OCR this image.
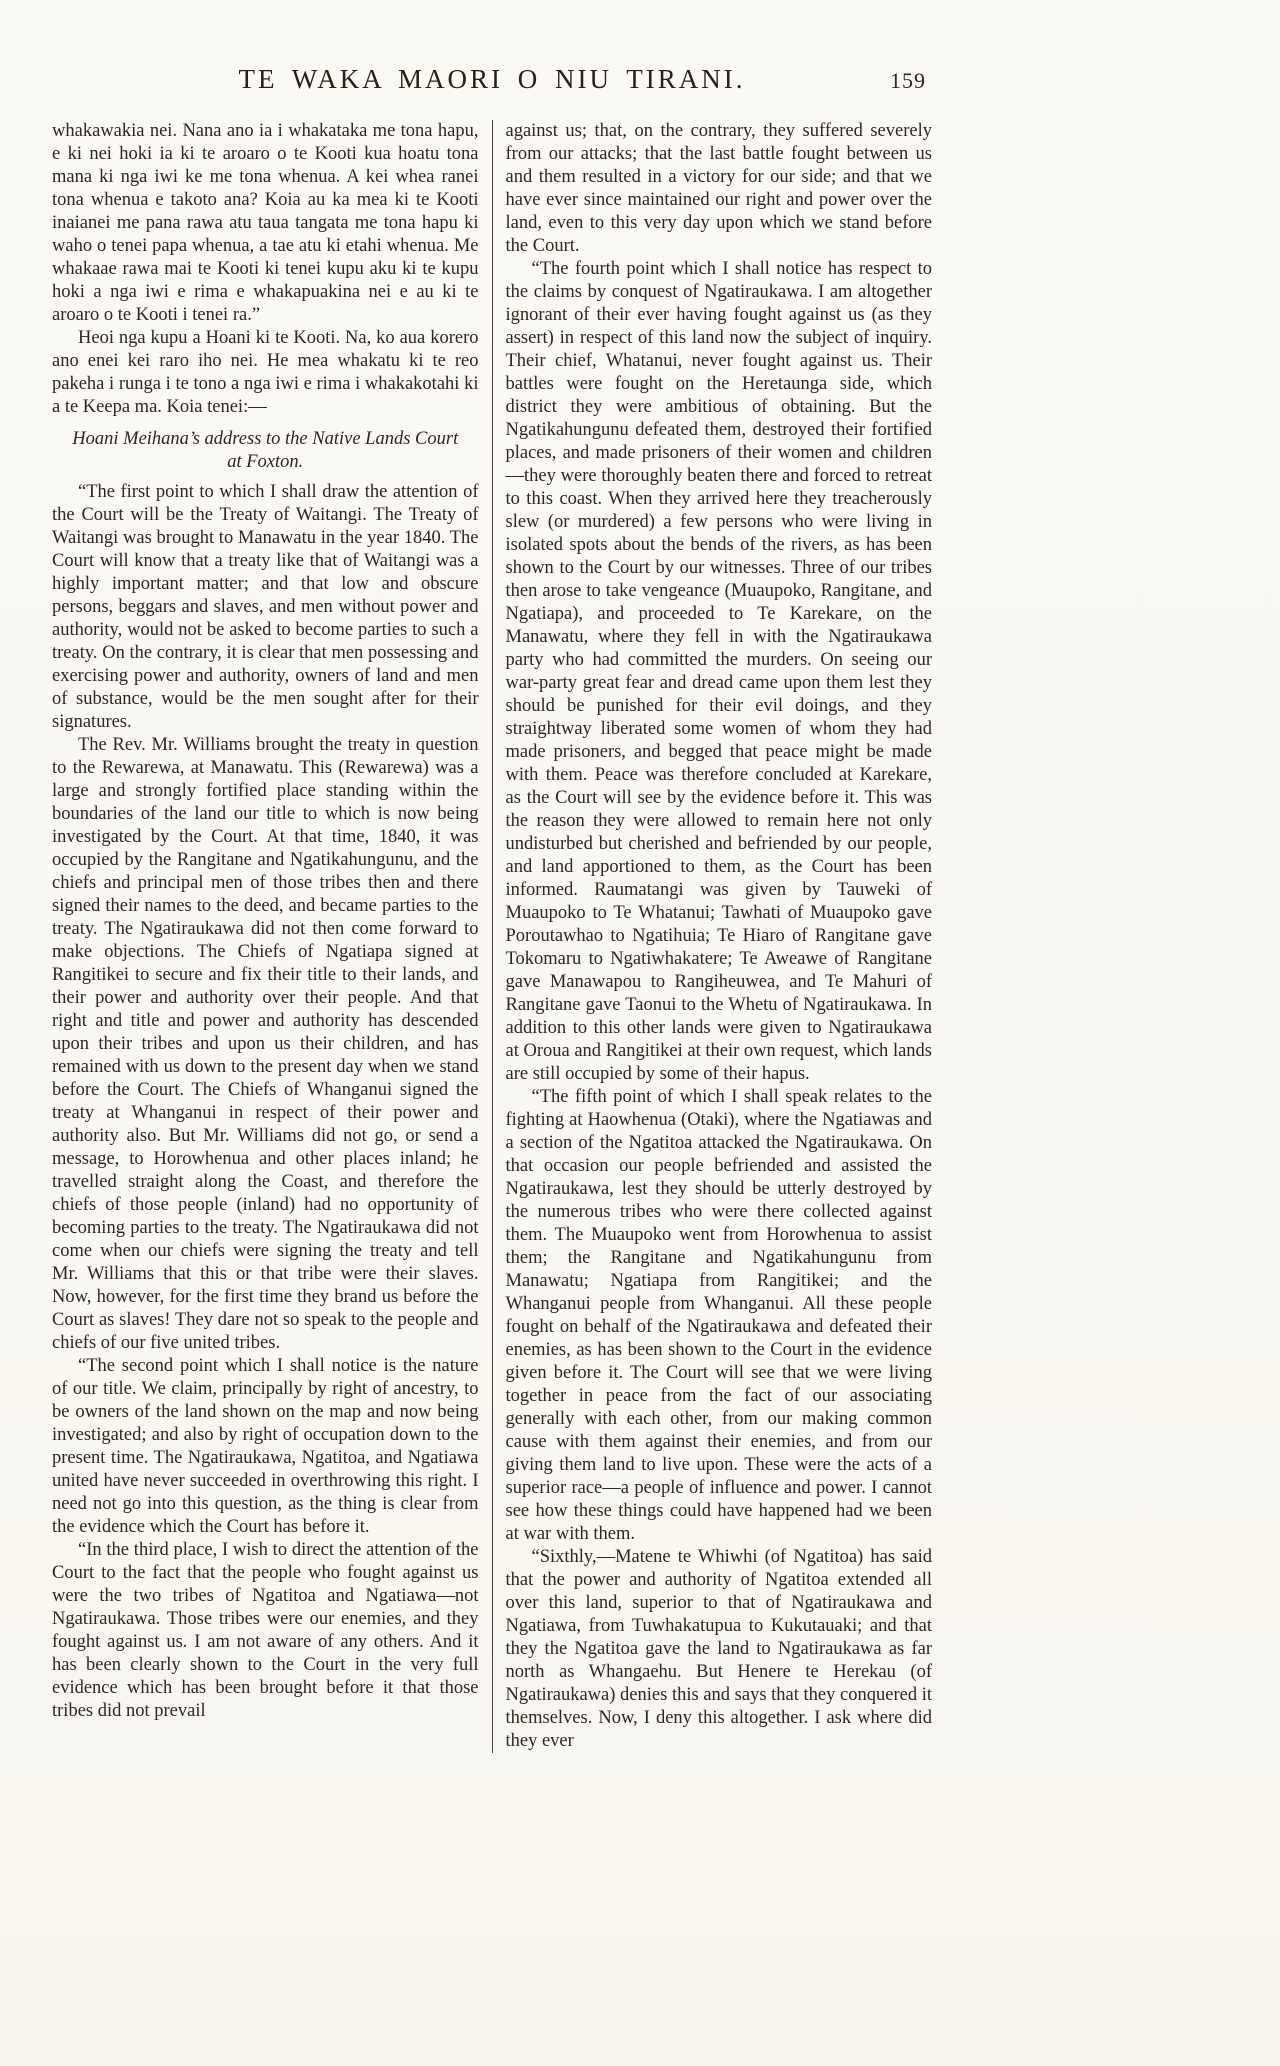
TE WAKA MAORI O NIU TIRANI.	159

whakawakia nei. Nana ano ia i whakataka me tona hapu, e ki nei hoki ia ki te aroaro o te Kooti kua hoatu tona mana ki nga iwi ke me tona whenua. A kei whea ranei tona whenua e takoto ana? Koia au ka mea ki te Kooti inaianei me pana rawa atu taua tangata me tona hapu ki waho o tenei papa whenua, a tae atu ki etahi whenua. Me whakaae rawa mai te Kooti ki tenei kupu aku ki te kupu hoki a nga iwi e rima e whakapuakina nei e au ki te aroaro o te Kooti i tenei ra.”

Heoi nga kupu a Hoani ki te Kooti. Na, ko aua korero ano enei kei raro iho nei. He mea whakatu ki te reo pakeha i runga i te tono a nga iwi e rima i whakakotahi ki a te Keepa ma. Koia tenei:—

Hoani Meihana’s address to the Native Lands Court at Foxton.

“The first point to which I shall draw the attention of the Court will be the Treaty of Waitangi. The Treaty of Waitangi was brought to Manawatu in the year 1840. The Court will know that a treaty like that of Waitangi was a highly important matter; and that low and obscure persons, beggars and slaves, and men without power and authority, would not be asked to become parties to such a treaty. On the contrary, it is clear that men possessing and exercising power and authority, owners of land and men of substance, would be the men sought after for their signatures.

The Rev. Mr. Williams brought the treaty in question to the Rewarewa, at Manawatu. This (Rewarewa) was a large and strongly fortified place standing within the boundaries of the land our title to which is now being investigated by the Court. At that time, 1840, it was occupied by the Rangitane and Ngatikahungunu, and the chiefs and principal men of those tribes then and there signed their names to the deed, and became parties to the treaty. The Ngatiraukawa did not then come forward to make objections. The Chiefs of Ngatiapa signed at Rangitikei to secure and fix their title to their lands, and their power and authority over their people. And that right and title and power and authority has descended upon their tribes and upon us their children, and has remained with us down to the present day when we stand before the Court. The Chiefs of Whanganui signed the treaty at Whanganui in respect of their power and authority also. But Mr. Williams did not go, or send a message, to Horowhenua and other places inland; he travelled straight along the Coast, and therefore the chiefs of those people (inland) had no opportunity of becoming parties to the treaty. The Ngatiraukawa did not come when our chiefs were signing the treaty and tell Mr. Williams that this or that tribe were their slaves. Now, however, for the first time they brand us before the Court as slaves! They dare not so speak to the people and chiefs of our five united tribes.

“The second point which I shall notice is the nature of our title. We claim, principally by right of ancestry, to be owners of the land shown on the map and now being investigated; and also by right of occupation down to the present time. The Ngatiraukawa, Ngatitoa, and Ngatiawa united have never succeeded in overthrowing this right. I need not go into this question, as the thing is clear from the evidence which the Court has before it.

“In the third place, I wish to direct the attention of the Court to the fact that the people who fought against us were the two tribes of Ngatitoa and Ngatiawa—not Ngatiraukawa. Those tribes were our enemies, and they fought against us. I am not aware of any others. And it has been clearly shown to the Court in the very full evidence which has been brought before it that those tribes did not prevail

against us; that, on the contrary, they suffered severely from our attacks; that the last battle fought between us and them resulted in a victory for our side; and that we have ever since maintained our right and power over the land, even to this very day upon which we stand before the Court.

“The fourth point which I shall notice has respect to the claims by conquest of Ngatiraukawa. I am altogether ignorant of their ever having fought against us (as they assert) in respect of this land now the subject of inquiry. Their chief, Whatanui, never fought against us. Their battles were fought on the Heretaunga side, which district they were ambitious of obtaining. But the Ngatikahungunu defeated them, destroyed their fortified places, and made prisoners of their women and children—they were thoroughly beaten there and forced to retreat to this coast. When they arrived here they treacherously slew (or murdered) a few persons who were living in isolated spots about the bends of the rivers, as has been shown to the Court by our witnesses. Three of our tribes then arose to take vengeance (Muaupoko, Rangitane, and Ngatiapa), and proceeded to Te Karekare, on the Manawatu, where they fell in with the Ngatiraukawa party who had committed the murders. On seeing our war-party great fear and dread came upon them lest they should be punished for their evil doings, and they straightway liberated some women of whom they had made prisoners, and begged that peace might be made with them. Peace was therefore concluded at Karekare, as the Court will see by the evidence before it. This was the reason they were allowed to remain here not only undisturbed but cherished and befriended by our people, and land apportioned to them, as the Court has been informed. Raumatangi was given by Tauweki of Muaupoko to Te Whatanui; Tawhati of Muaupoko gave Poroutawhao to Ngatihuia; Te Hiaro of Rangitane gave Tokomaru to Ngatiwhakatere; Te Aweawe of Rangitane gave Manawapou to Rangiheuwea, and Te Mahuri of Rangitane gave Taonui to the Whetu of Ngatiraukawa. In addition to this other lands were given to Ngatiraukawa at Oroua and Rangitikei at their own request, which lands are still occupied by some of their hapus.

“The fifth point of which I shall speak relates to the fighting at Haowhenua (Otaki), where the Ngatiawas and a section of the Ngatitoa attacked the Ngatiraukawa. On that occasion our people befriended and assisted the Ngatiraukawa, lest they should be utterly destroyed by the numerous tribes who were there collected against them. The Muaupoko went from Horowhenua to assist them; the Rangitane and Ngatikahungunu from Manawatu; Ngatiapa from Rangitikei; and the Whanganui people from Whanganui. All these people fought on behalf of the Ngatiraukawa and defeated their enemies, as has been shown to the Court in the evidence given before it. The Court will see that we were living together in peace from the fact of our associating generally with each other, from our making common cause with them against their enemies, and from our giving them land to live upon. These were the acts of a superior race—a people of influence and power. I cannot see how these things could have happened had we been at war with them.

“Sixthly,—Matene te Whiwhi (of Ngatitoa) has said that the power and authority of Ngatitoa extended all over this land, superior to that of Ngatiraukawa and Ngatiawa, from Tuwhakatupua to Kukutauaki; and that they the Ngatitoa gave the land to Ngatiraukawa as far north as Whangaehu. But Henere te Herekau (of Ngatiraukawa) denies this and says that they conquered it themselves. Now, I deny this altogether. I ask where did they ever
